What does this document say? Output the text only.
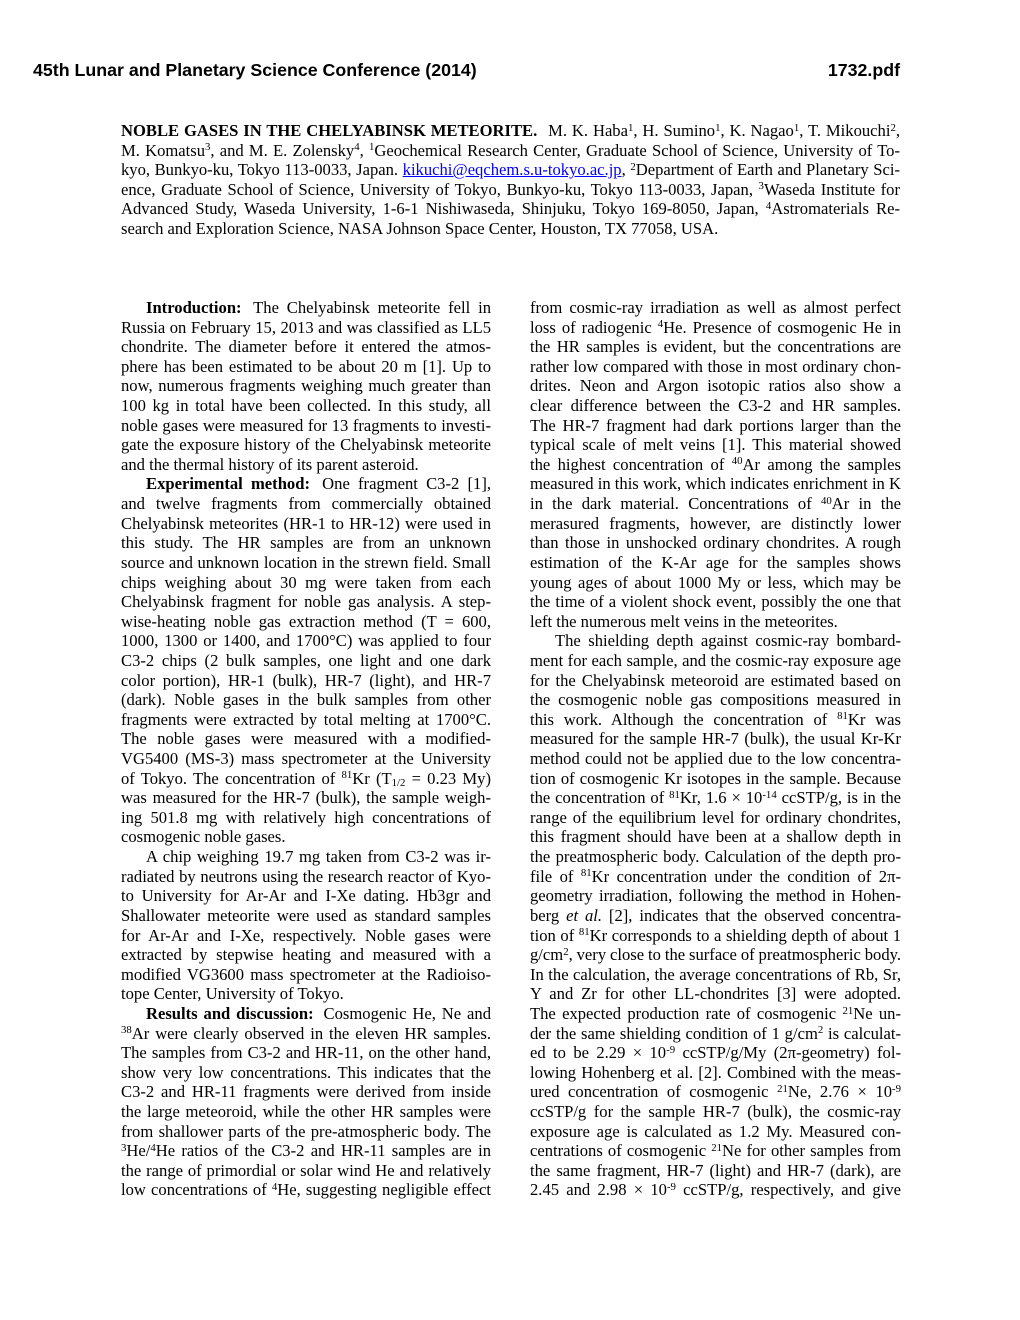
45th Lunar and Planetary Science Conference (2014)	1732.pdf
NOBLE GASES IN THE CHELYABINSK METEORITE. M. K. Haba$^1$, H. Sumino$^1$, K. Nagao$^1$, T. Mikouchi$^2$,
M. Komatsu$^3$, and M. E. Zolensky$^4$, $^1$Geochemical Research Center, Graduate School of Science, University of To-
kyo, Bunkyo-ku, Tokyo 113-0033, Japan. kikuchi@eqchem.s.u-tokyo.ac.jp, $^2$Department of Earth and Planetary Sci-
ence, Graduate School of Science, University of Tokyo, Bunkyo-ku, Tokyo 113-0033, Japan, $^3$Waseda Institute for
Advanced Study, Waseda University, 1-6-1 Nishiwaseda, Shinjuku, Tokyo 169-8050, Japan, $^4$Astromaterials Re-
search and Exploration Science, NASA Johnson Space Center, Houston, TX 77058, USA.
Introduction: The Chelyabinsk meteorite fell in
Russia on February 15, 2013 and was classified as LL5
chondrite. The diameter before it entered the atmos-
phere has been estimated to be about 20 m [1]. Up to
now, numerous fragments weighing much greater than
100 kg in total have been collected. In this study, all
noble gases were measured for 13 fragments to investi-
gate the exposure history of the Chelyabinsk meteorite
and the thermal history of its parent asteroid.
Experimental method: One fragment C3-2 [1],
and twelve fragments from commercially obtained
Chelyabinsk meteorites (HR-1 to HR-12) were used in
this study. The HR samples are from an unknown
source and unknown location in the strewn field. Small
chips weighing about 30 mg were taken from each
Chelyabinsk fragment for noble gas analysis. A step-
wise-heating noble gas extraction method (T = 600,
1000, 1300 or 1400, and 1700°C) was applied to four
C3-2 chips (2 bulk samples, one light and one dark
color portion), HR-1 (bulk), HR-7 (light), and HR-7
(dark). Noble gases in the bulk samples from other
fragments were extracted by total melting at 1700°C.
The noble gases were measured with a modified-
VG5400 (MS-3) mass spectrometer at the University
of Tokyo. The concentration of $^{81}$Kr (T1/2 = 0.23 My)
was measured for the HR-7 (bulk), the sample weigh-
ing 501.8 mg with relatively high concentrations of
cosmogenic noble gases.
A chip weighing 19.7 mg taken from C3-2 was ir-
radiated by neutrons using the research reactor of Kyo-
to University for Ar-Ar and I-Xe dating. Hb3gr and
Shallowater meteorite were used as standard samples
for Ar-Ar and I-Xe, respectively. Noble gases were
extracted by stepwise heating and measured with a
modified VG3600 mass spectrometer at the Radioiso-
tope Center, University of Tokyo.
Results and discussion: Cosmogenic He, Ne and
$^{38}$Ar were clearly observed in the eleven HR samples.
The samples from C3-2 and HR-11, on the other hand,
show very low concentrations. This indicates that the
C3-2 and HR-11 fragments were derived from inside
the large meteoroid, while the other HR samples were
from shallower parts of the pre-atmospheric body. The
$^3$He/$^4$He ratios of the C3-2 and HR-11 samples are in
the range of primordial or solar wind He and relatively
low concentrations of $^4$He, suggesting negligible effect
from cosmic-ray irradiation as well as almost perfect
loss of radiogenic $^4$He. Presence of cosmogenic He in
the HR samples is evident, but the concentrations are
rather low compared with those in most ordinary chon-
drites. Neon and Argon isotopic ratios also show a
clear difference between the C3-2 and HR samples.
The HR-7 fragment had dark portions larger than the
typical scale of melt veins [1]. This material showed
the highest concentration of $^{40}$Ar among the samples
measured in this work, which indicates enrichment in K
in the dark material. Concentrations of $^{40}$Ar in the
merasured fragments, however, are distinctly lower
than those in unshocked ordinary chondrites. A rough
estimation of the K-Ar age for the samples shows
young ages of about 1000 My or less, which may be
the time of a violent shock event, possibly the one that
left the numerous melt veins in the meteorites.
The shielding depth against cosmic-ray bombard-
ment for each sample, and the cosmic-ray exposure age
for the Chelyabinsk meteoroid are estimated based on
the cosmogenic noble gas compositions measured in
this work. Although the concentration of $^{81}$Kr was
measured for the sample HR-7 (bulk), the usual Kr-Kr
method could not be applied due to the low concentra-
tion of cosmogenic Kr isotopes in the sample. Because
the concentration of $^{81}$Kr, $1.6 \times 10^{-14}$ ccSTP/g, is in the
range of the equilibrium level for ordinary chondrites,
this fragment should have been at a shallow depth in
the preatmospheric body. Calculation of the depth pro-
file of $^{81}$Kr concentration under the condition of 2π-
geometry irradiation, following the method in Hohen-
berg et al. [2], indicates that the observed concentra-
tion of $^{81}$Kr corresponds to a shielding depth of about 1
$g/cm^2$, very close to the surface of preatmospheric body.
In the calculation, the average concentrations of Rb, Sr,
Y and Zr for other LL-chondrites [3] were adopted.
The expected production rate of cosmogenic $^{21}$Ne un-
der the same shielding condition of 1 $g/cm^2$ is calculat-
ed to be $2.29 \times 10^{-9}$ ccSTP/g/My (2π-geometry) fol-
lowing Hohenberg et al. [2]. Combined with the meas-
ured concentration of cosmogenic $^{21}$Ne, $2.76 \times 10^{-9}$
ccSTP/g for the sample HR-7 (bulk), the cosmic-ray
exposure age is calculated as 1.2 My. Measured con-
centrations of cosmogenic $^{21}$Ne for other samples from
the same fragment, HR-7 (light) and HR-7 (dark), are
2.45 and $2.98 \times 10^{-9}$ ccSTP/g, respectively, and give
